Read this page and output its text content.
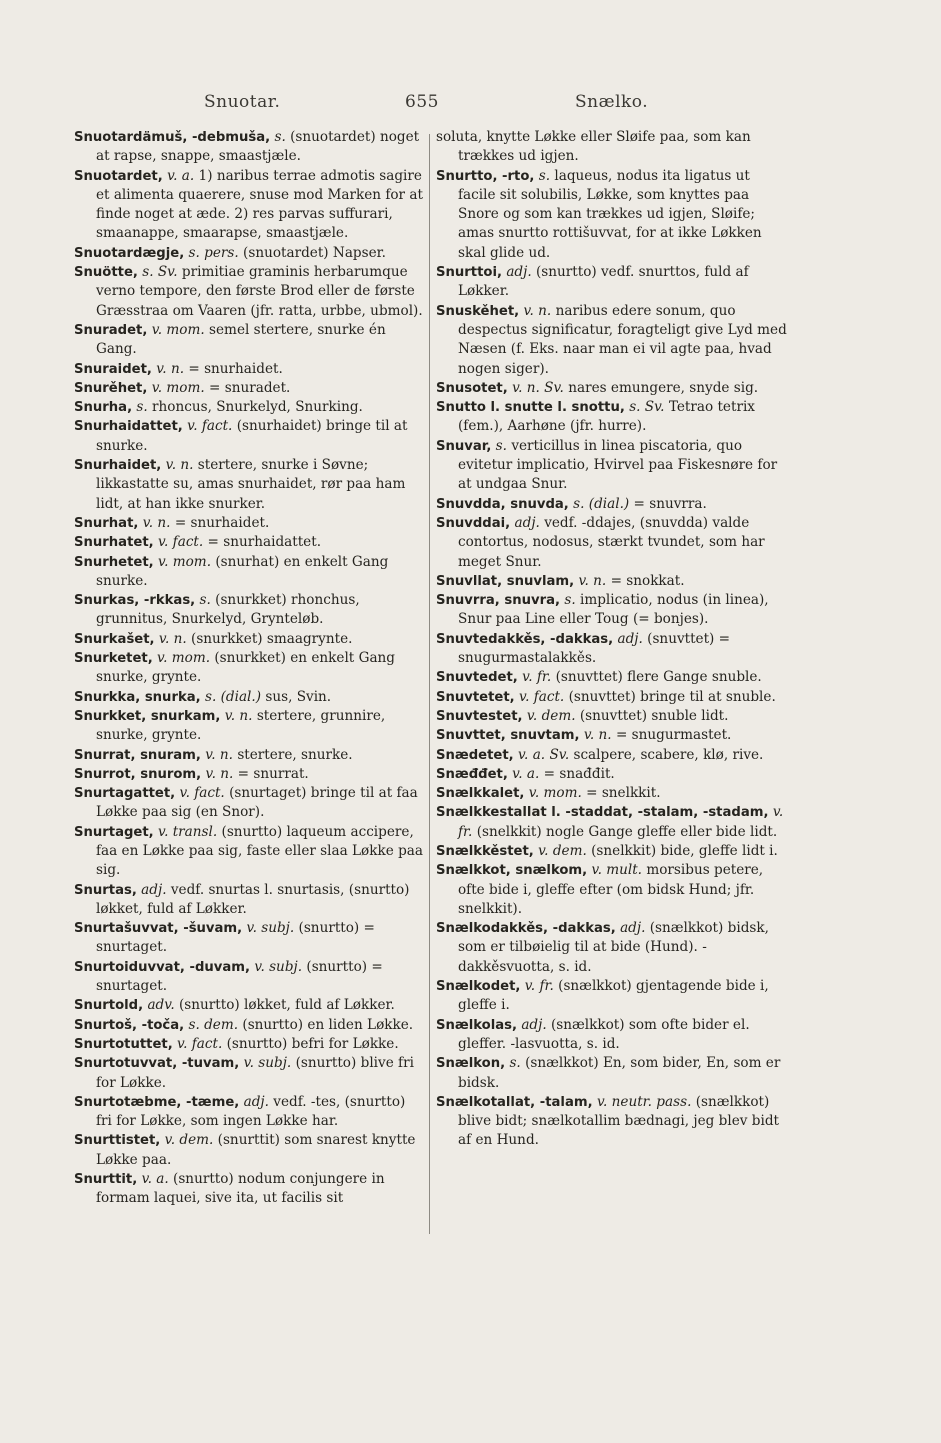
Snuotar.	655	Snælko.

Snuotardämuš, -debmuša, s. (snuotardet) noget at rapse, snappe, smaastjæle.

Snuotardet, v. a. 1) naribus terrae admotis sagire et alimenta quaerere, snuse mod Marken for at finde noget at æde. 2) res parvas suffurari, smaanappe, smaarapse, smaastjæle.

Snuotardægje, s. pers. (snuotardet) Napser.

Snuötte, s. Sv. primitiae graminis herbarumque verno tempore, den første Brod eller de første Græsstraa om Vaaren (jfr. ratta, urbbe, ubmol).

Snuradet, v. mom. semel stertere, snurke én Gang.

Snuraidet, v. n. = snurhaidet.

Snurěhet, v. mom. = snuradet.

Snurha, s. rhoncus, Snurkelyd, Snurking.

Snurhaidattet, v. fact. (snurhaidet) bringe til at snurke.

Snurhaidet, v. n. stertere, snurke i Søvne; likkastatte su, amas snurhaidet, rør paa ham lidt, at han ikke snurker.

Snurhat, v. n. = snurhaidet.

Snurhatet, v. fact. = snurhaidattet.

Snurhetet, v. mom. (snurhat) en enkelt Gang snurke.

Snurkas, -rkkas, s. (snurkket) rhonchus, grunnitus, Snurkelyd, Grynteløb.

Snurkašet, v. n. (snurkket) smaagrynte.

Snurketet, v. mom. (snurkket) en enkelt Gang snurke, grynte.

Snurkka, snurka, s. (dial.) sus, Svin.

Snurkket, snurkam, v. n. stertere, grunnire, snurke, grynte.

Snurrat, snuram, v. n. stertere, snurke.

Snurrot, snurom, v. n. = snurrat.

Snurtagattet, v. fact. (snurtaget) bringe til at faa Løkke paa sig (en Snor).

Snurtaget, v. transl. (snurtto) laqueum accipere, faa en Løkke paa sig, faste eller slaa Løkke paa sig.

Snurtas, adj. vedf. snurtas l. snurtasis, (snurtto) løkket, fuld af Løkker.

Snurtašuvvat, -šuvam, v. subj. (snurtto) = snurtaget.

Snurtoiduvvat, -duvam, v. subj. (snurtto) = snurtaget.

Snurtold, adv. (snurtto) løkket, fuld af Løkker.

Snurtoš, -toča, s. dem. (snurtto) en liden Løkke.

Snurtotuttet, v. fact. (snurtto) befri for Løkke.

Snurtotuvvat, -tuvam, v. subj. (snurtto) blive fri for Løkke.

Snurtotæbme, -tæme, adj. vedf. -tes, (snurtto) fri for Løkke, som ingen Løkke har.

Snurttistet, v. dem. (snurttit) som snarest knytte Løkke paa.

Snurttit, v. a. (snurtto) nodum conjungere in formam laquei, sive ita, ut facilis sit

soluta, knytte Løkke eller Sløife paa, som kan trækkes ud igjen.

Snurtto, -rto, s. laqueus, nodus ita ligatus ut facile sit solubilis, Løkke, som knyttes paa Snore og som kan trækkes ud igjen, Sløife; amas snurtto rottišuvvat, for at ikke Løkken skal glide ud.

Snurttoi, adj. (snurtto) vedf. snurttos, fuld af Løkker.

Snuskěhet, v. n. naribus edere sonum, quo despectus significatur, foragteligt give Lyd med Næsen (f. Eks. naar man ei vil agte paa, hvad nogen siger).

Snusotet, v. n. Sv. nares emungere, snyde sig.

Snutto l. snutte l. snottu, s. Sv. Tetrao tetrix (fem.), Aarhøne (jfr. hurre).

Snuvar, s. verticillus in linea piscatoria, quo evitetur implicatio, Hvirvel paa Fiskesnøre for at undgaa Snur.

Snuvdda, snuvda, s. (dial.) = snuvrra.

Snuvddai, adj. vedf. -ddajes, (snuvdda) valde contortus, nodosus, stærkt tvundet, som har meget Snur.

Snuvllat, snuvlam, v. n. = snokkat.

Snuvrra, snuvra, s. implicatio, nodus (in linea), Snur paa Line eller Toug (= bonjes).

Snuvtedakkěs, -dakkas, adj. (snuvttet) = snugurmastalakkěs.

Snuvtedet, v. fr. (snuvttet) flere Gange snuble.

Snuvtetet, v. fact. (snuvttet) bringe til at snuble.

Snuvtestet, v. dem. (snuvttet) snuble lidt.

Snuvttet, snuvtam, v. n. = snugurmastet.

Snædetet, v. a. Sv. scalpere, scabere, klø, rive.

Snæđđet, v. a. = snađđit.

Snælkkalet, v. mom. = snelkkit.

Snælkkestallat l. -staddat, -stalam, -stadam, v. fr. (snelkkit) nogle Gange gleffe eller bide lidt.

Snælkkěstet, v. dem. (snelkkit) bide, gleffe lidt i.

Snælkkot, snælkom, v. mult. morsibus petere, ofte bide i, gleffe efter (om bidsk Hund; jfr. snelkkit).

Snælkodakkěs, -dakkas, adj. (snælkkot) bidsk, som er tilbøielig til at bide (Hund). -dakkěsvuotta, s. id.

Snælkodet, v. fr. (snælkkot) gjentagende bide i, gleffe i.

Snælkolas, adj. (snælkkot) som ofte bider el. gleffer. -lasvuotta, s. id.

Snælkon, s. (snælkkot) En, som bider, En, som er bidsk.

Snælkotallat, -talam, v. neutr. pass. (snælkkot) blive bidt; snælkotallim bædnagi, jeg blev bidt af en Hund.
